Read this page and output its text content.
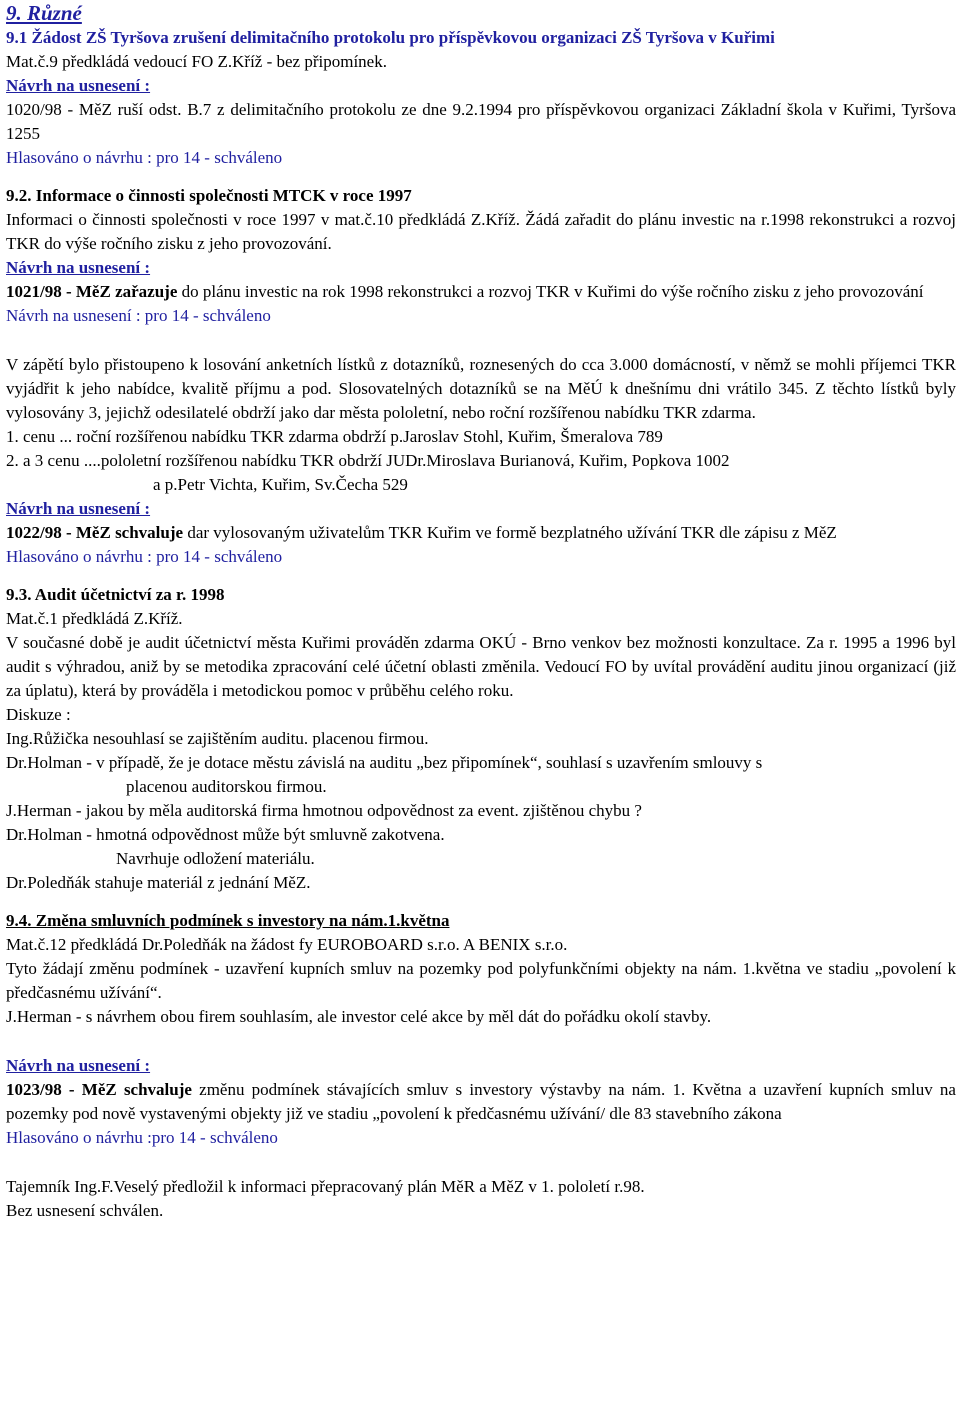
9. Různé

9.1 Žádost ZŠ Tyršova zrušení delimitačního protokolu pro příspěvkovou organizaci ZŠ Tyršova v Kuřimi

Mat.č.9 předkládá vedoucí FO Z.Kříž - bez připomínek.

Návrh na usnesení :

1020/98 - MěZ ruší odst. B.7 z delimitačního protokolu ze dne 9.2.1994 pro příspěvkovou organizaci Základní škola v Kuřimi, Tyršova 1255

Hlasováno o návrhu : pro 14 - schváleno

9.2. Informace o činnosti společnosti MTCK v roce 1997

Informaci o činnosti společnosti v roce 1997 v mat.č.10 předkládá Z.Kříž. Žádá zařadit do plánu investic na r.1998 rekonstrukci a rozvoj TKR do výše ročního zisku z jeho provozování.

Návrh na usnesení :

1021/98 - MěZ zařazuje do plánu investic na rok 1998 rekonstrukci a rozvoj TKR v Kuřimi do výše ročního zisku z jeho provozování

Návrh na usnesení : pro 14 - schváleno

V zápětí bylo přistoupeno k losování anketních lístků z dotazníků, roznesených do cca 3.000 domácností, v němž se mohli příjemci TKR vyjádřit k jeho nabídce, kvalitě příjmu a pod. Slosovatelných dotazníků se na MěÚ k dnešnímu dni vrátilo 345. Z těchto lístků byly vylosovány 3, jejichž odesilatelé obdrží jako dar města pololetní, nebo roční rozšířenou nabídku TKR zdarma.

1. cenu ... roční rozšířenou nabídku TKR zdarma obdrží p.Jaroslav Stohl, Kuřim, Šmeralova 789

2. a 3 cenu ....pololetní rozšířenou nabídku TKR obdrží JUDr.Miroslava Burianová, Kuřim, Popkova 1002

a p.Petr Vichta, Kuřim, Sv.Čecha 529

Návrh na usnesení :

1022/98 - MěZ schvaluje dar vylosovaným uživatelům TKR Kuřim ve formě bezplatného užívání TKR dle zápisu z MěZ

Hlasováno o návrhu : pro 14 - schváleno

9.3. Audit účetnictví za r. 1998

Mat.č.1 předkládá Z.Kříž.

V současné době je audit účetnictví města Kuřimi prováděn zdarma OKÚ - Brno venkov bez možnosti konzultace. Za r. 1995 a 1996 byl audit s výhradou, aniž by se metodika zpracování celé účetní oblasti změnila. Vedoucí FO by uvítal provádění auditu jinou organizací (již za úplatu), která by prováděla i metodickou pomoc v průběhu celého roku.

Diskuze :

Ing.Růžička nesouhlasí se zajištěním auditu. placenou firmou.

Dr.Holman - v případě, že je dotace městu závislá na auditu „bez připomínek“, souhlasí s uzavřením smlouvy s

placenou auditorskou firmou.

J.Herman - jakou by měla auditorská firma hmotnou odpovědnost za event. zjištěnou chybu ?

Dr.Holman - hmotná odpovědnost může být smluvně zakotvena.

Navrhuje odložení materiálu.

Dr.Poledňák stahuje materiál z jednání MěZ.

9.4. Změna smluvních podmínek s investory na nám.1.května

Mat.č.12 předkládá Dr.Poledňák na žádost fy EUROBOARD s.r.o. A BENIX s.r.o.

Tyto žádají změnu podmínek - uzavření kupních smluv na pozemky pod polyfunkčními objekty na nám. 1.května ve stadiu „povolení k předčasnému užívání“.

J.Herman - s návrhem obou firem souhlasím, ale investor celé akce by měl dát do pořádku okolí stavby.

Návrh na usnesení :

1023/98 - MěZ schvaluje změnu podmínek stávajících smluv s investory výstavby na nám. 1. Května a uzavření kupních smluv na pozemky pod nově vystavenými objekty již ve stadiu „povolení k předčasnému užívání/ dle 83 stavebního zákona

Hlasováno o návrhu :pro 14 - schváleno

Tajemník Ing.F.Veselý předložil k informaci přepracovaný plán MěR a MěZ v 1. pololetí r.98.

Bez usnesení schválen.
